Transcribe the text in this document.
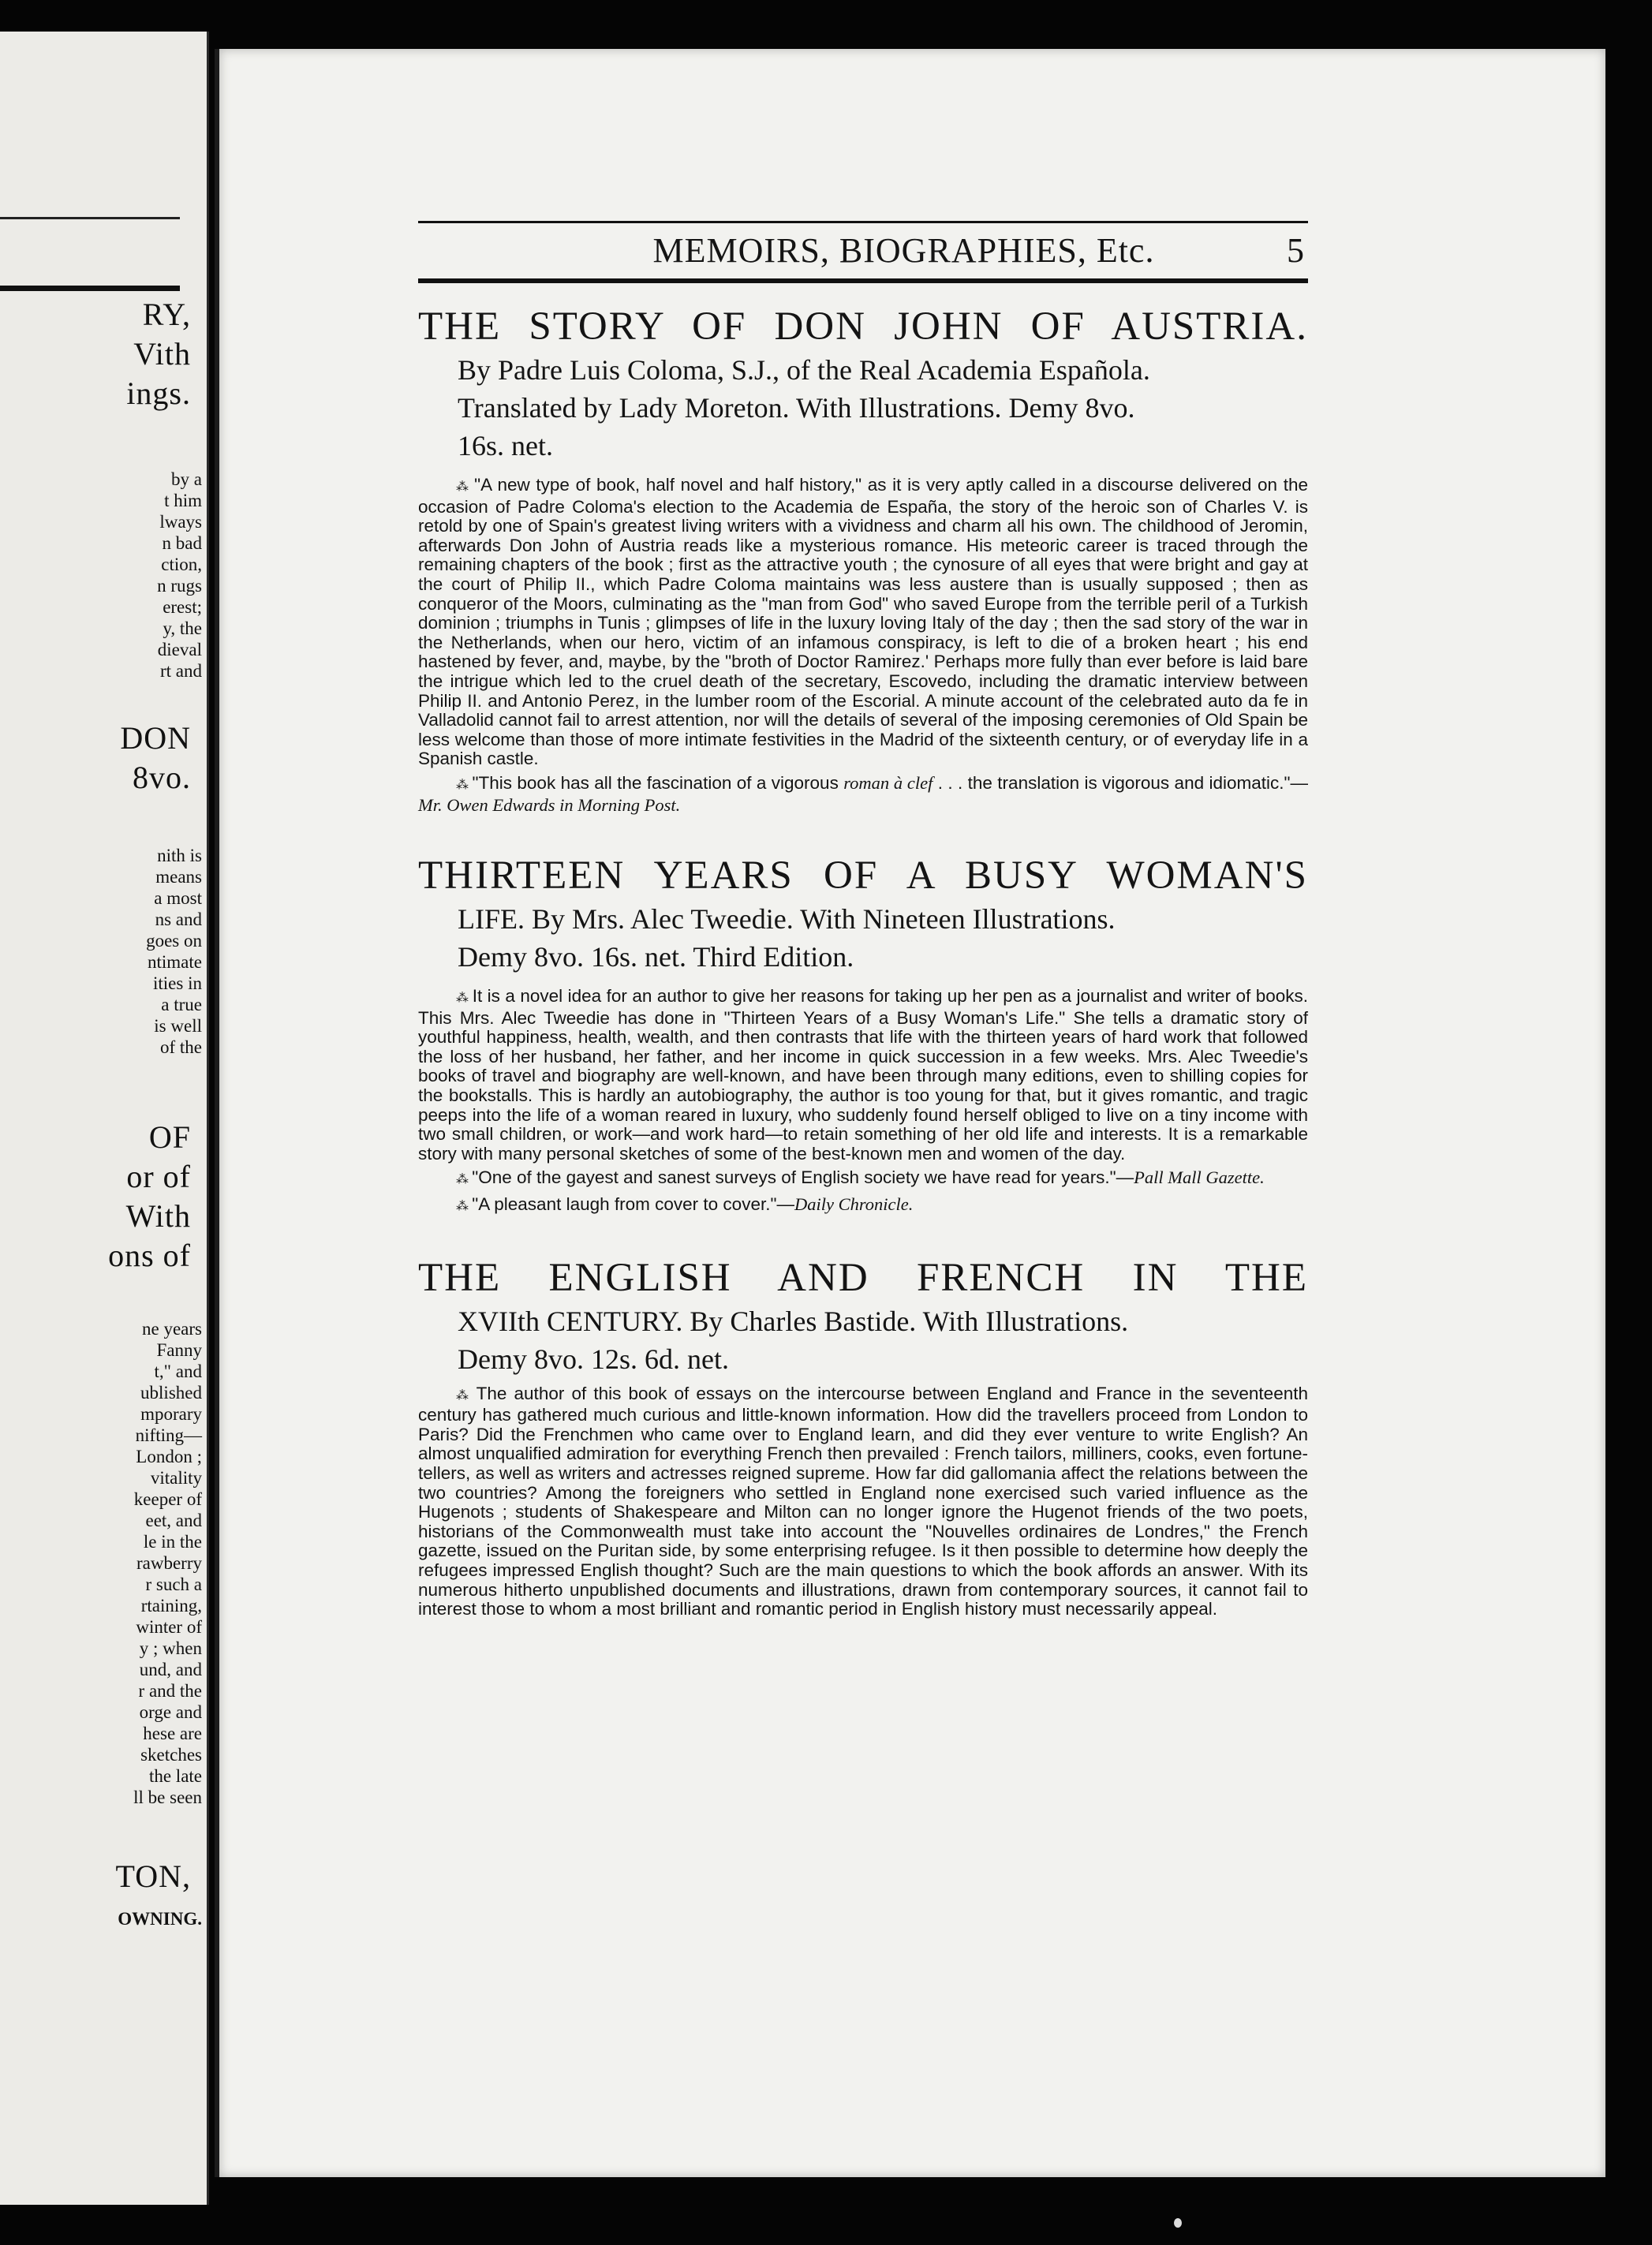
RY,
Vith
ings.
by a
t him
lways
n bad
ction,
n rugs
erest;
y, the
dieval
rt and
DON
8vo.
nith is
means
a most
ns and
goes on
ntimate
ities in
a true
is well
of the
OF
or of
With
ons of
ne years
Fanny
t," and
ublished
mporary
nifting—
London ;
vitality
keeper of
eet, and
le in the
rawberry
r such a
rtaining,
winter of
y ; when
und, and
r and the
orge and
hese are
sketches
the late
ll be seen
TON,
OWNING.
MEMOIRS, BIOGRAPHIES, Etc.	5

THE STORY OF DON JOHN OF AUSTRIA.

By Padre Luis Coloma, S.J., of the Real Academia Española.

Translated by Lady Moreton. With Illustrations. Demy 8vo.

16s. net.

⁂ "A new type of book, half novel and half history," as it is very aptly called in a discourse delivered on the occasion of Padre Coloma's election to the Academia de España, the story of the heroic son of Charles V. is retold by one of Spain's greatest living writers with a vividness and charm all his own. The childhood of Jeromin, afterwards Don John of Austria reads like a mysterious romance. His meteoric career is traced through the remaining chapters of the book ; first as the attractive youth ; the cynosure of all eyes that were bright and gay at the court of Philip II., which Padre Coloma maintains was less austere than is usually supposed ; then as conqueror of the Moors, culminating as the "man from God" who saved Europe from the terrible peril of a Turkish dominion ; triumphs in Tunis ; glimpses of life in the luxury loving Italy of the day ; then the sad story of the war in the Netherlands, when our hero, victim of an infamous conspiracy, is left to die of a broken heart ; his end hastened by fever, and, maybe, by the "broth of Doctor Ramirez.' Perhaps more fully than ever before is laid bare the intrigue which led to the cruel death of the secretary, Escovedo, including the dramatic interview between Philip II. and Antonio Perez, in the lumber room of the Escorial. A minute account of the celebrated auto da fe in Valladolid cannot fail to arrest attention, nor will the details of several of the imposing ceremonies of Old Spain be less welcome than those of more intimate festivities in the Madrid of the sixteenth century, or of everyday life in a Spanish castle.

⁂ "This book has all the fascination of a vigorous roman à clef . . . the translation is vigorous and idiomatic."—Mr. Owen Edwards in Morning Post.

THIRTEEN YEARS OF A BUSY WOMAN'S

LIFE. By Mrs. Alec Tweedie. With Nineteen Illustrations.

Demy 8vo. 16s. net. Third Edition.

⁂ It is a novel idea for an author to give her reasons for taking up her pen as a journalist and writer of books. This Mrs. Alec Tweedie has done in "Thirteen Years of a Busy Woman's Life." She tells a dramatic story of youthful happiness, health, wealth, and then contrasts that life with the thirteen years of hard work that followed the loss of her husband, her father, and her income in quick succession in a few weeks. Mrs. Alec Tweedie's books of travel and biography are well-known, and have been through many editions, even to shilling copies for the bookstalls. This is hardly an autobiography, the author is too young for that, but it gives romantic, and tragic peeps into the life of a woman reared in luxury, who suddenly found herself obliged to live on a tiny income with two small children, or work—and work hard—to retain something of her old life and interests. It is a remarkable story with many personal sketches of some of the best-known men and women of the day.

⁂ "One of the gayest and sanest surveys of English society we have read for years."—Pall Mall Gazette.

⁂ "A pleasant laugh from cover to cover."—Daily Chronicle.

THE ENGLISH AND FRENCH IN THE

XVIIth CENTURY. By Charles Bastide. With Illustrations.

Demy 8vo. 12s. 6d. net.

⁂ The author of this book of essays on the intercourse between England and France in the seventeenth century has gathered much curious and little-known information. How did the travellers proceed from London to Paris? Did the Frenchmen who came over to England learn, and did they ever venture to write English? An almost unqualified admiration for everything French then prevailed : French tailors, milliners, cooks, even fortune-tellers, as well as writers and actresses reigned supreme. How far did gallomania affect the relations between the two countries? Among the foreigners who settled in England none exercised such varied influence as the Hugenots ; students of Shakespeare and Milton can no longer ignore the Hugenot friends of the two poets, historians of the Commonwealth must take into account the "Nouvelles ordinaires de Londres," the French gazette, issued on the Puritan side, by some enterprising refugee. Is it then possible to determine how deeply the refugees impressed English thought? Such are the main questions to which the book affords an answer. With its numerous hitherto unpublished documents and illustrations, drawn from contemporary sources, it cannot fail to interest those to whom a most brilliant and romantic period in English history must necessarily appeal.
